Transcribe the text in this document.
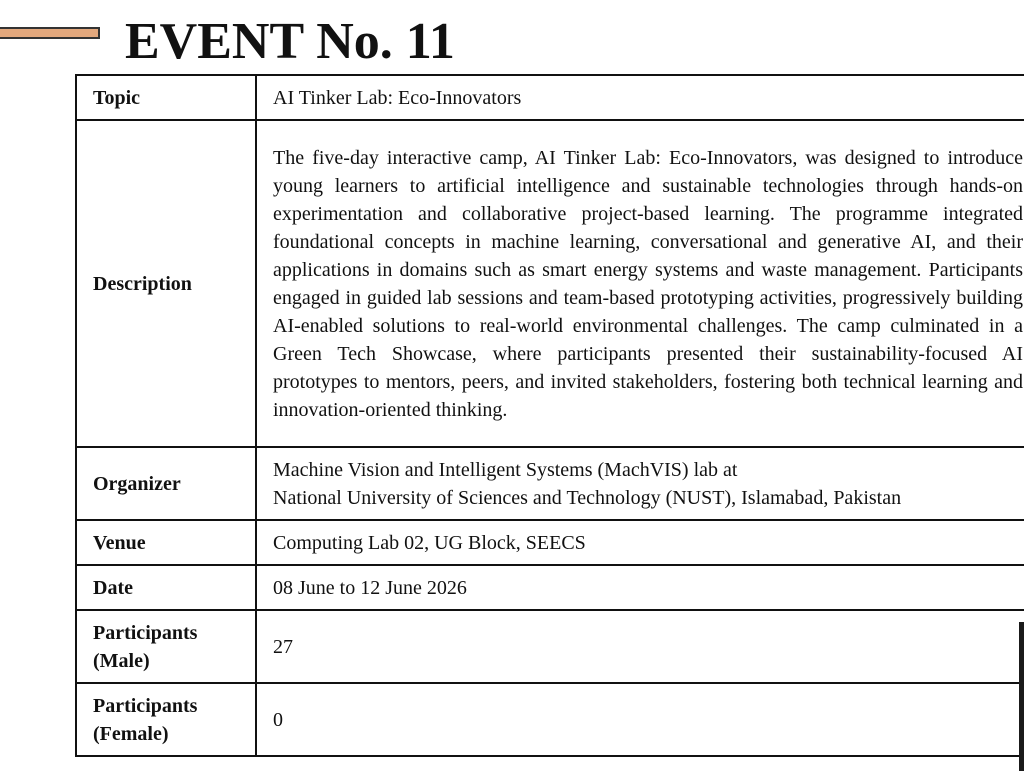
EVENT No. 11
Topic	AI Tinker Lab: Eco-Innovators
Description	The five-day interactive camp, AI Tinker Lab: Eco-Innovators, was designed to introduce young learners to artificial intelligence and sustainable technologies through hands-on experimentation and collaborative project-based learning. The programme integrated foundational concepts in machine learning, conversational and generative AI, and their applications in domains such as smart energy systems and waste management. Participants engaged in guided lab sessions and team-based prototyping activities, progressively building AI-enabled solutions to real-world environmental challenges. The camp culminated in a Green Tech Showcase, where participants presented their sustainability-focused AI prototypes to mentors, peers, and invited stakeholders, fostering both technical learning and innovation-oriented thinking.
Organizer	Machine Vision and Intelligent Systems (MachVIS) lab at
National University of Sciences and Technology (NUST), Islamabad, Pakistan

Venue	Computing Lab 02, UG Block, SEECS
Date	08 June to 12 June 2026

Participants
(Male)	27

Participants
(Female)	0
